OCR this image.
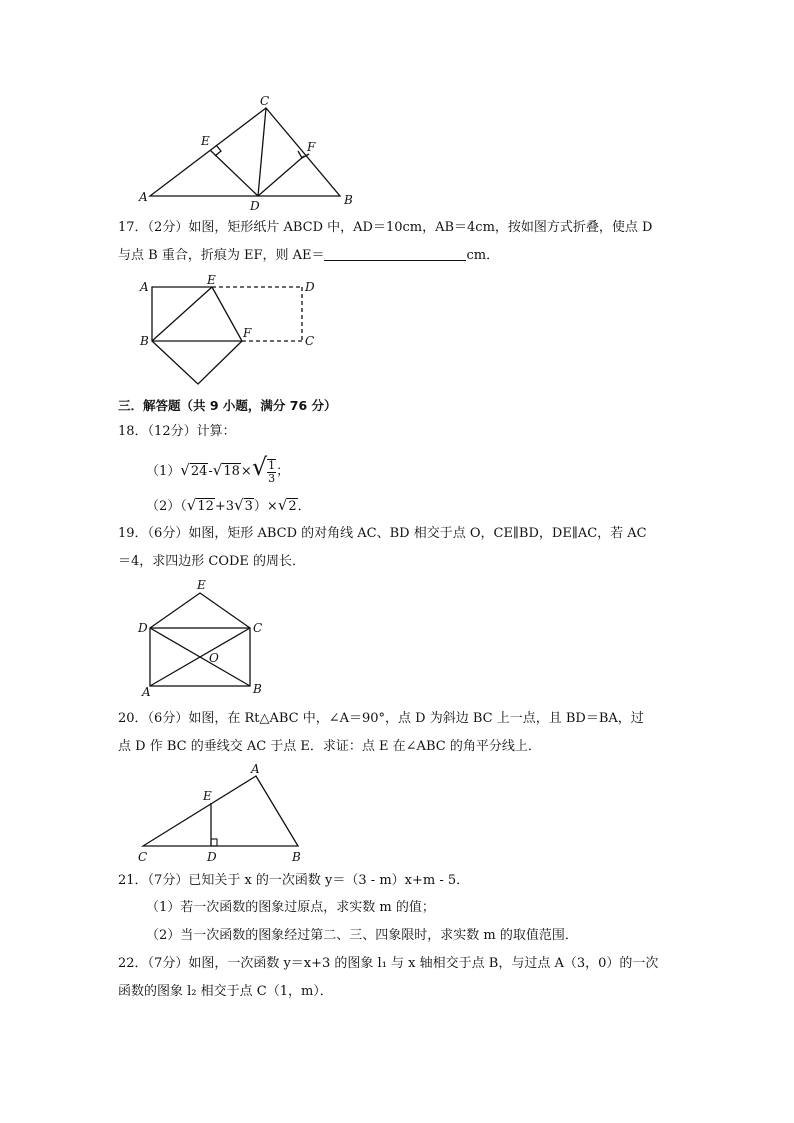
C
E	F
A
D	B
17．（2分）如图，矩形纸片 ABCD 中，AD＝10cm，AB＝4cm，按如图方式折叠，使点 D
与点 B 重合，折痕为 EF，则 AE＝	cm．
A	E	D
B
F
C
三．解答题（共 9 小题，满分 76 分）
18．（12分）计算：
$(1)√24-√18\times√ \frac{1}{3}$；
（2）（√12+3√3）×√2．
19．（6分）如图，矩形 ABCD 的对角线 AC、BD 相交于点 O，CE∥BD，DE∥AC，若 AC
＝4，求四边形 CODE 的周长．
E
D	C
O
A	B
20．（6分）如图，在 Rt△ABC 中，∠A＝90°，点 D 为斜边 BC 上一点，且 BD＝BA，过
点 D 作 BC 的垂线交 AC 于点 E．求证：点 E 在∠ABC 的角平分线上．
A
E
C	D	B
21．（7分）已知关于 x 的一次函数 y＝（3 - m）x+m - 5．
（1）若一次函数的图象过原点，求实数 m 的值；
（2）当一次函数的图象经过第二、三、四象限时，求实数 m 的取值范围．
22．（7分）如图，一次函数 y＝x+3 的图象 l₁ 与 x 轴相交于点 B，与过点 A（3，0）的一次
函数的图象 l₂ 相交于点 C（1，m）．
